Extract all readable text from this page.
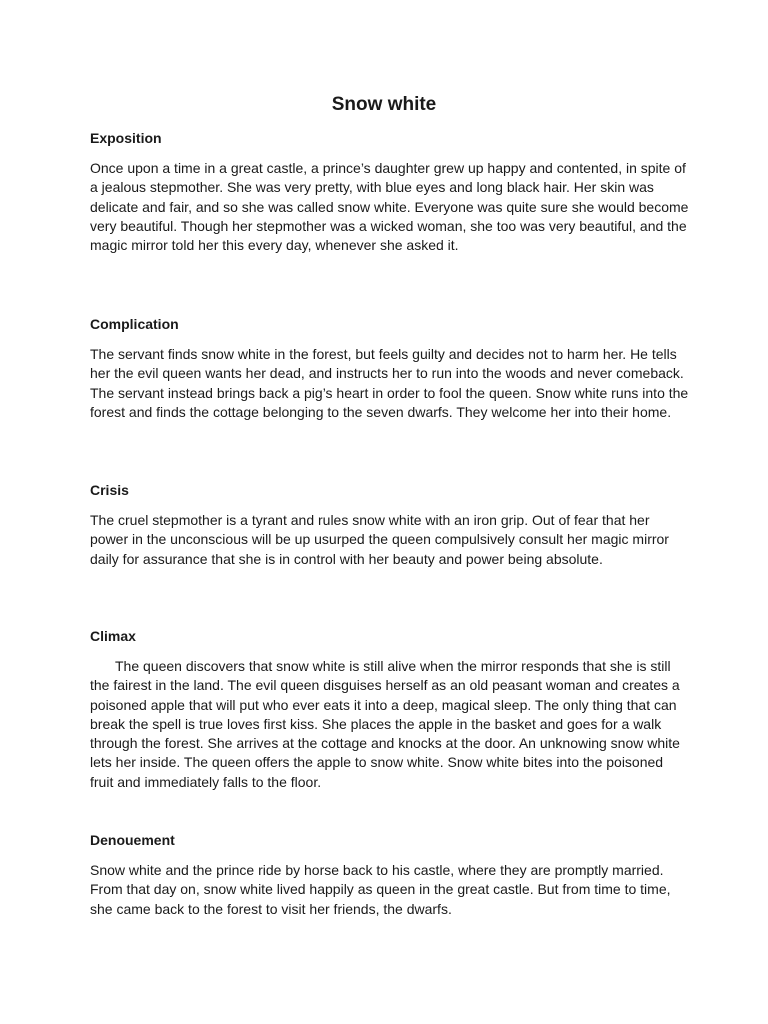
Snow white
Exposition

Once upon a time in a great castle, a prince’s daughter grew up happy and contented, in spite of a jealous stepmother. She was very pretty, with blue eyes and long black hair. Her skin was delicate and fair, and so she was called snow white. Everyone was quite sure she would become very beautiful. Though her stepmother was a wicked woman, she too was very beautiful, and the magic mirror told her this every day, whenever she asked it.

Complication

The servant finds snow white in the forest, but feels guilty and decides not to harm her. He tells her the evil queen wants her dead, and instructs her to run into the woods and never comeback. The servant instead brings back a pig’s heart in order to fool the queen. Snow white runs into the forest and finds the cottage belonging to the seven dwarfs. They welcome her into their home.

Crisis

The cruel stepmother is a tyrant and rules snow white with an iron grip. Out of fear that her power in the unconscious will be up usurped the queen compulsively consult her magic mirror daily for assurance that she is in control with her beauty and power being absolute.

Climax

The queen discovers that snow white is still alive when the mirror responds that she is still the fairest in the land. The evil queen disguises herself as an old peasant woman and creates a poisoned apple that will put who ever eats it into a deep, magical sleep. The only thing that can break the spell is true loves first kiss. She places the apple in the basket and goes for a walk through the forest. She arrives at the cottage and knocks at the door. An unknowing snow white lets her inside. The queen offers the apple to snow white. Snow white bites into the poisoned fruit and immediately falls to the floor.

Denouement

Snow white and the prince ride by horse back to his castle, where they are promptly married. From that day on, snow white lived happily as queen in the great castle. But from time to time, she came back to the forest to visit her friends, the dwarfs.
